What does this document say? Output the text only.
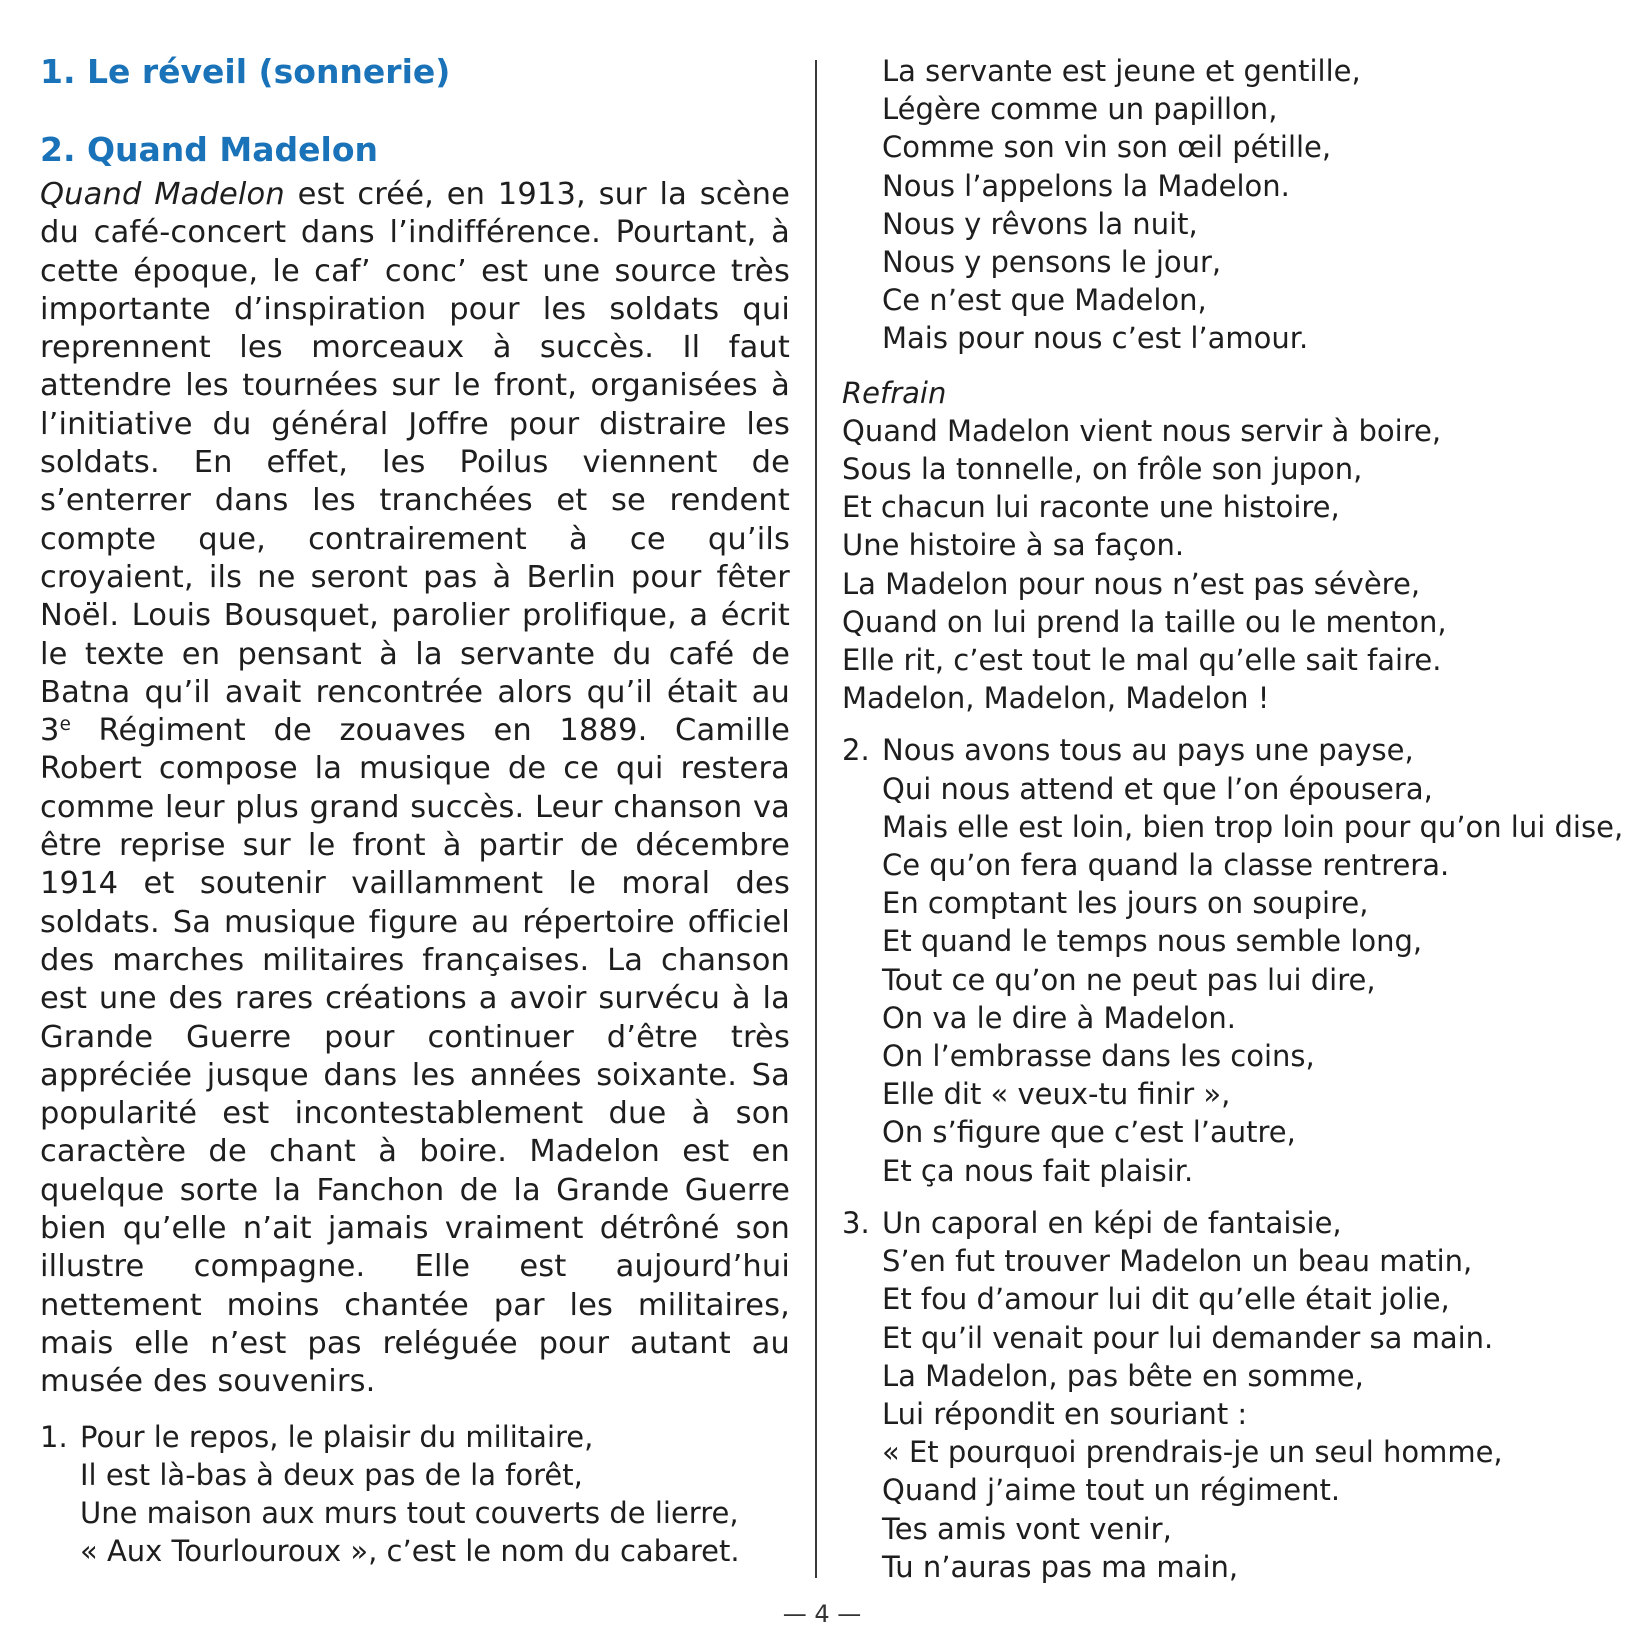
1. Le réveil (sonnerie)
2. Quand Madelon

Quand Madelon est créé, en 1913, sur la scène du café-concert dans l’indifférence. Pourtant, à cette époque, le caf’ conc’ est une source très importante d’inspiration pour les soldats qui reprennent les morceaux à succès. Il faut attendre les tournées sur le front, organisées à l’initiative du général Joffre pour distraire les soldats. En effet, les Poilus viennent de s’enterrer dans les tranchées et se rendent compte que, contrairement à ce qu’ils croyaient, ils ne seront pas à Berlin pour fêter Noël. Louis Bousquet, parolier prolifique, a écrit le texte en pensant à la servante du café de Batna qu’il avait rencontrée alors qu’il était au 3e Régiment de zouaves en 1889. Camille Robert compose la musique de ce qui restera comme leur plus grand succès. Leur chanson va être reprise sur le front à partir de décembre 1914 et soutenir vaillamment le moral des soldats. Sa musique figure au répertoire officiel des marches militaires françaises. La chanson est une des rares créations a avoir survécu à la Grande Guerre pour continuer d’être très appréciée jusque dans les années soixante. Sa popularité est incontestablement due à son caractère de chant à boire. Madelon est en quelque sorte la Fanchon de la Grande Guerre bien qu’elle n’ait jamais vraiment détrôné son illustre compagne. Elle est aujourd’hui nettement moins chantée par les militaires, mais elle n’est pas reléguée pour autant au musée des souvenirs.

1. Pour le repos, le plaisir du militaire,
Il est là-bas à deux pas de la forêt,
Une maison aux murs tout couverts de lierre,
« Aux Tourlouroux », c’est le nom du cabaret.
La servante est jeune et gentille,
Légère comme un papillon,
Comme son vin son œil pétille,
Nous l’appelons la Madelon.
Nous y rêvons la nuit,
Nous y pensons le jour,
Ce n’est que Madelon,
Mais pour nous c’est l’amour.
Refrain
Quand Madelon vient nous servir à boire,
Sous la tonnelle, on frôle son jupon,
Et chacun lui raconte une histoire,
Une histoire à sa façon.
La Madelon pour nous n’est pas sévère,
Quand on lui prend la taille ou le menton,
Elle rit, c’est tout le mal qu’elle sait faire.
Madelon, Madelon, Madelon !
2. Nous avons tous au pays une payse,
Qui nous attend et que l’on épousera,
Mais elle est loin, bien trop loin pour qu’on lui dise,
Ce qu’on fera quand la classe rentrera.
En comptant les jours on soupire,
Et quand le temps nous semble long,
Tout ce qu’on ne peut pas lui dire,
On va le dire à Madelon.
On l’embrasse dans les coins,
Elle dit « veux-tu finir »,
On s’figure que c’est l’autre,
Et ça nous fait plaisir.
3. Un caporal en képi de fantaisie,
S’en fut trouver Madelon un beau matin,
Et fou d’amour lui dit qu’elle était jolie,
Et qu’il venait pour lui demander sa main.
La Madelon, pas bête en somme,
Lui répondit en souriant :
« Et pourquoi prendrais-je un seul homme,
Quand j’aime tout un régiment.
Tes amis vont venir,
Tu n’auras pas ma main,
— 4 —
